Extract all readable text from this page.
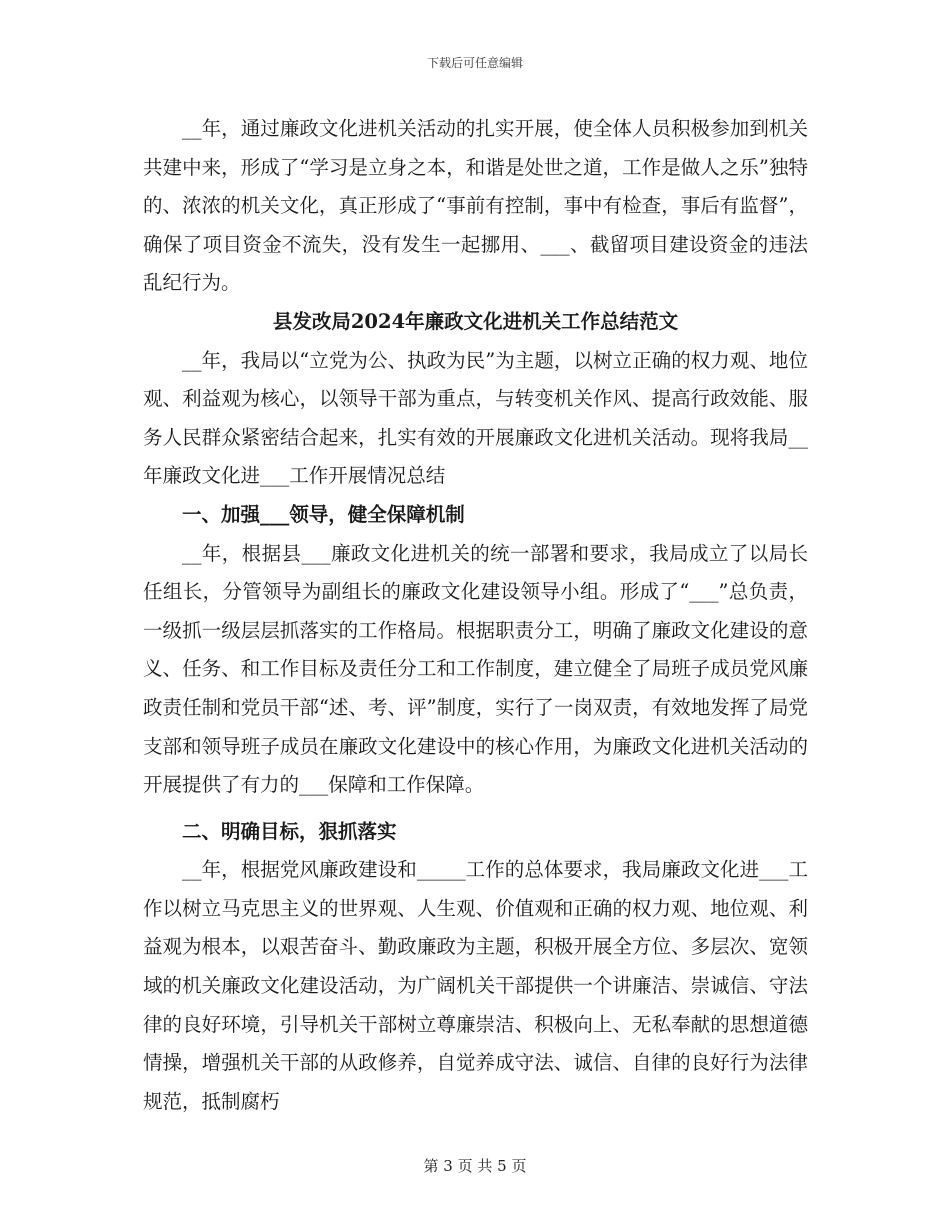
下载后可任意编辑

__年，通过廉政文化进机关活动的扎实开展，使全体人员积极参加到机关共建中来，形成了“学习是立身之本，和谐是处世之道，工作是做人之乐”独特的、浓浓的机关文化，真正形成了“事前有控制，事中有检查，事后有监督”，确保了项目资金不流失，没有发生一起挪用、___、截留项目建设资金的违法乱纪行为。

县发改局2024年廉政文化进机关工作总结范文

__年，我局以“立党为公、执政为民”为主题，以树立正确的权力观、地位观、利益观为核心，以领导干部为重点，与转变机关作风、提高行政效能、服务人民群众紧密结合起来，扎实有效的开展廉政文化进机关活动。现将我局__年廉政文化进___工作开展情况总结

一、加强___领导，健全保障机制

__年，根据县___廉政文化进机关的统一部署和要求，我局成立了以局长任组长，分管领导为副组长的廉政文化建设领导小组。形成了“___”总负责，一级抓一级层层抓落实的工作格局。根据职责分工，明确了廉政文化建设的意义、任务、和工作目标及责任分工和工作制度，建立健全了局班子成员党风廉政责任制和党员干部“述、考、评”制度，实行了一岗双责，有效地发挥了局党支部和领导班子成员在廉政文化建设中的核心作用，为廉政文化进机关活动的开展提供了有力的___保障和工作保障。

二、明确目标，狠抓落实

__年，根据党风廉政建设和_____工作的总体要求，我局廉政文化进___工作以树立马克思主义的世界观、人生观、价值观和正确的权力观、地位观、利益观为根本，以艰苦奋斗、勤政廉政为主题，积极开展全方位、多层次、宽领域的机关廉政文化建设活动，为广阔机关干部提供一个讲廉洁、崇诚信、守法律的良好环境，引导机关干部树立尊廉崇洁、积极向上、无私奉献的思想道德情操，增强机关干部的从政修养，自觉养成守法、诚信、自律的良好行为法律规范，抵制腐朽

第 3 页 共 5 页
